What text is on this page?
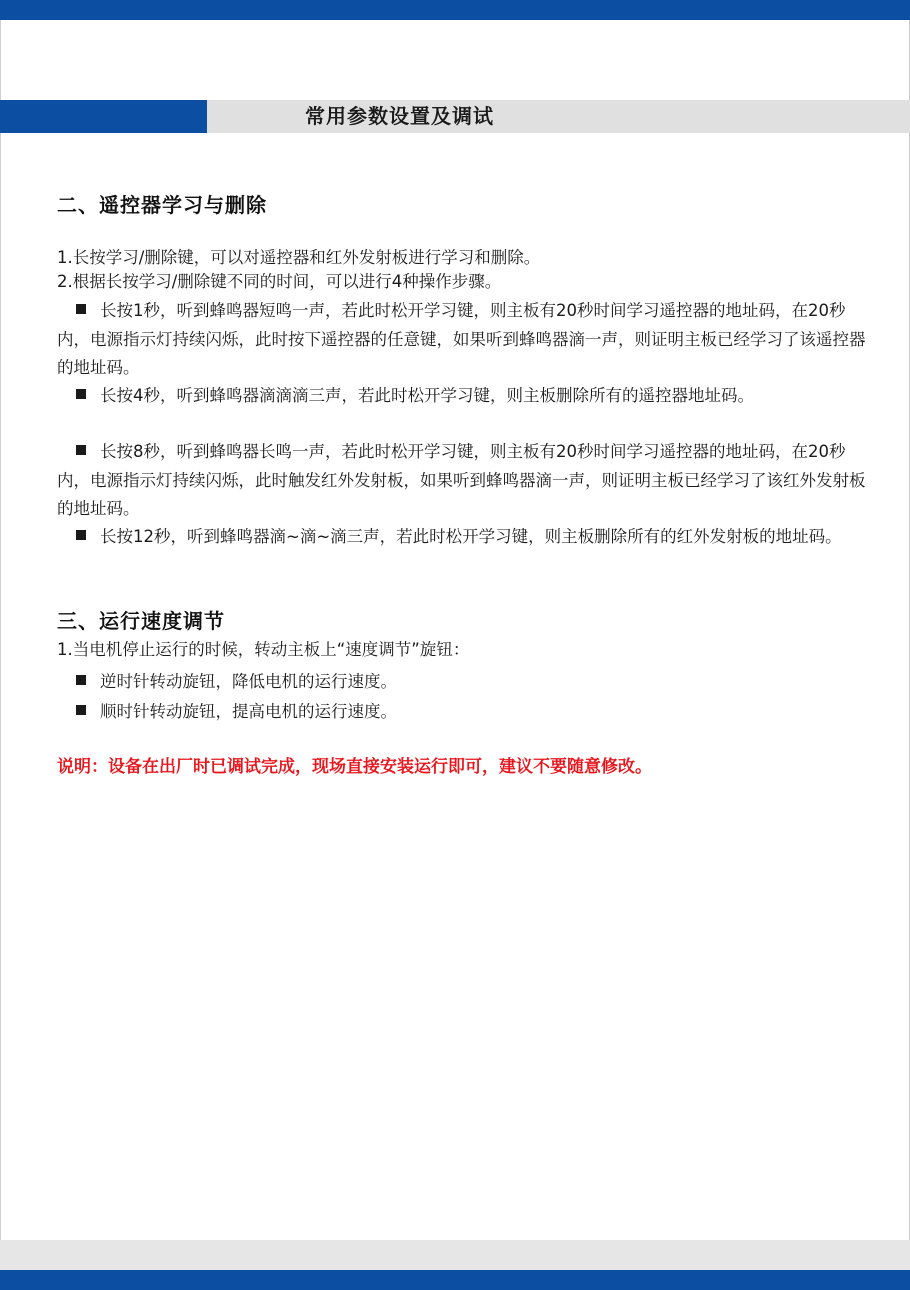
常用参数设置及调试
二、遥控器学习与删除
1.长按学习/删除键，可以对遥控器和红外发射板进行学习和删除。
2.根据长按学习/删除键不同的时间，可以进行4种操作步骤。
长按1秒，听到蜂鸣器短鸣一声，若此时松开学习键，则主板有20秒时间学习遥控器的地址码，在20秒内，电源指示灯持续闪烁，此时按下遥控器的任意键，如果听到蜂鸣器滴一声，则证明主板已经学习了该遥控器的地址码。
长按4秒，听到蜂鸣器滴滴滴三声，若此时松开学习键，则主板删除所有的遥控器地址码。
长按8秒，听到蜂鸣器长鸣一声，若此时松开学习键，则主板有20秒时间学习遥控器的地址码，在20秒内，电源指示灯持续闪烁，此时触发红外发射板，如果听到蜂鸣器滴一声，则证明主板已经学习了该红外发射板的地址码。
长按12秒，听到蜂鸣器滴~滴~滴三声，若此时松开学习键，则主板删除所有的红外发射板的地址码。
三、运行速度调节
1.当电机停止运行的时候，转动主板上“速度调节”旋钮：
逆时针转动旋钮，降低电机的运行速度。
顺时针转动旋钮，提高电机的运行速度。
说明：设备在出厂时已调试完成，现场直接安装运行即可，建议不要随意修改。
